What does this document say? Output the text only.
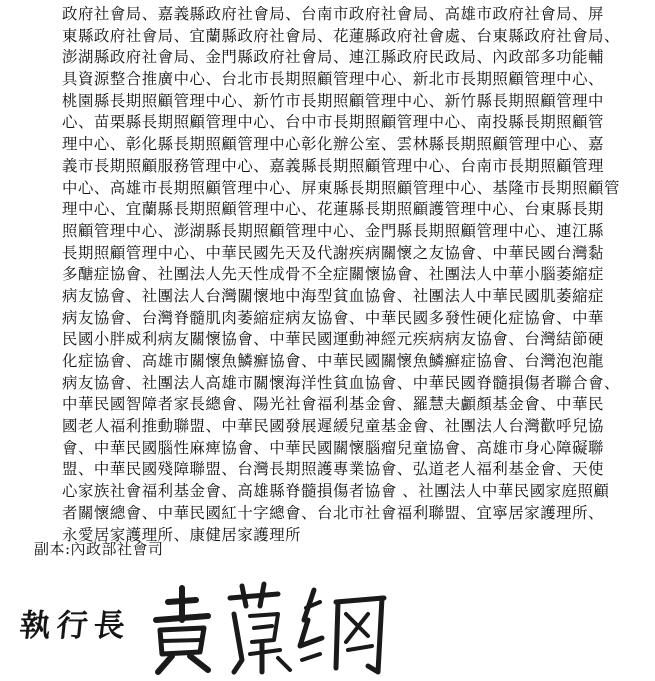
政府社會局、嘉義縣政府社會局、台南市政府社會局、高雄市政府社會局、屏
東縣政府社會局、宜蘭縣政府社會局、花蓮縣政府社會處、台東縣政府社會局、
澎湖縣政府社會局、金門縣政府社會局、連江縣政府民政局、內政部多功能輔
具資源整合推廣中心、台北市長期照顧管理中心、新北市長期照顧管理中心、
桃園縣長期照顧管理中心、新竹市長期照顧管理中心、新竹縣長期照顧管理中
心、苗栗縣長期照顧管理中心、台中市長期照顧管理中心、南投縣長期照顧管
理中心、彰化縣長期照顧管理中心彰化辦公室、雲林縣長期照顧管理中心、嘉
義市長期照顧服務管理中心、嘉義縣長期照顧管理中心、台南市長期照顧管理
中心、高雄市長期照顧管理中心、屏東縣長期照顧管理中心、基隆市長期照顧管
理中心、宜蘭縣長期照顧管理中心、花蓮縣長期照顧護管理中心、台東縣長期
照顧管理中心、澎湖縣長期照顧管理中心、金門縣長期照顧管理中心、連江縣
長期照顧管理中心、中華民國先天及代謝疾病關懷之友協會、中華民國台灣黏
多醣症協會、社團法人先天性成骨不全症關懷協會、社團法人中華小腦萎縮症
病友協會、社團法人台灣關懷地中海型貧血協會、社團法人中華民國肌萎縮症
病友協會、台灣脊髓肌肉萎縮症病友協會、中華民國多發性硬化症協會、中華
民國小胖威利病友關懷協會、中華民國運動神經元疾病病友協會、台灣結節硬
化症協會、高雄市關懷魚鱗癬協會、中華民國關懷魚鱗癬症協會、台灣泡泡龍
病友協會、社團法人高雄市關懷海洋性貧血協會、中華民國脊髓損傷者聯合會、
中華民國智障者家長總會、陽光社會福利基金會、羅慧夫顱顏基金會、中華民
國老人福利推動聯盟、中華民國發展遲緩兒童基金會、社團法人台灣歡呼兒協
會、中華民國腦性麻痺協會、中華民國關懷腦瘤兒童協會、高雄市身心障礙聯
盟、中華民國殘障聯盟、台灣長期照護專業協會、弘道老人福利基金會、天使
心家族社會福利基金會、高雄縣脊髓損傷者協會 、社團法人中華民國家庭照顧
者關懷總會、中華民國紅十字總會、台北市社會福利聯盟、宜寧居家護理所、
永愛居家護理所、康健居家護理所
副本:內政部社會司

執行長
